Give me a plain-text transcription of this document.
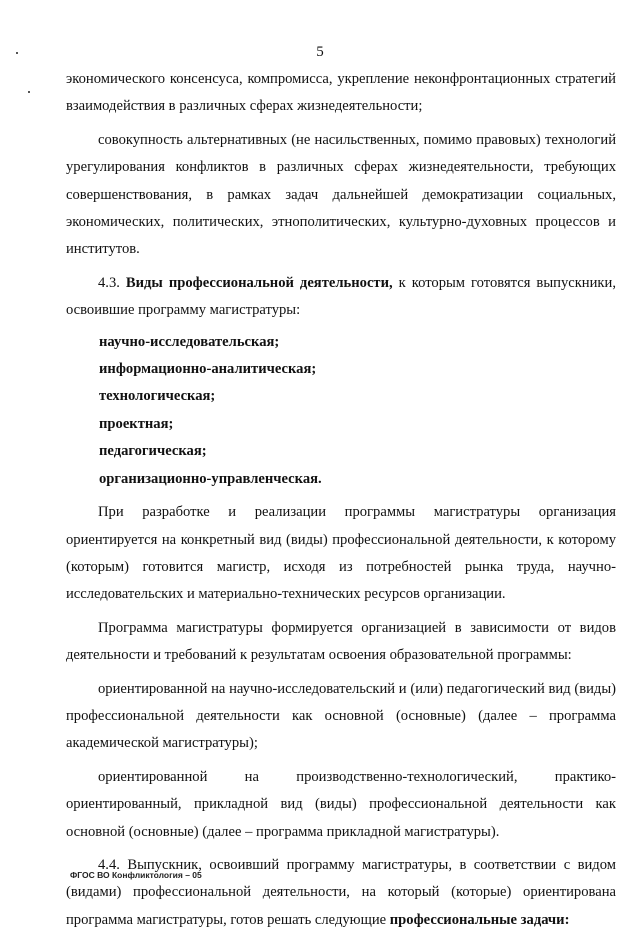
5

экономического консенсуса, компромисса, укрепление неконфронтационных стратегий взаимодействия в различных сферах жизнедеятельности;

совокупность альтернативных (не насильственных, помимо правовых) технологий урегулирования конфликтов в различных сферах жизнедеятельности, требующих совершенствования, в рамках задач дальнейшей демократизации социальных, экономических, политических, этнополитических, культурно-духовных процессов и институтов.

4.3. Виды профессиональной деятельности, к которым готовятся выпускники, освоившие программу магистратуры:

научно-исследовательская;

информационно-аналитическая;

технологическая;

проектная;

педагогическая;

организационно-управленческая.

При разработке и реализации программы магистратуры организация ориентируется на конкретный вид (виды) профессиональной деятельности, к которому (которым) готовится магистр, исходя из потребностей рынка труда, научно-исследовательских и материально-технических ресурсов организации.

Программа магистратуры формируется организацией в зависимости от видов деятельности и требований к результатам освоения образовательной программы:

ориентированной на научно-исследовательский и (или) педагогический вид (виды) профессиональной деятельности как основной (основные) (далее – программа академической магистратуры);

ориентированной на производственно-технологический, практико-ориентированный, прикладной вид (виды) профессиональной деятельности как основной (основные) (далее – программа прикладной магистратуры).

4.4. Выпускник, освоивший программу магистратуры, в соответствии с видом (видами) профессиональной деятельности, на который (которые) ориентирована программа магистратуры, готов решать следующие профессиональные задачи:

ФГОС ВО Конфликтология – 05
